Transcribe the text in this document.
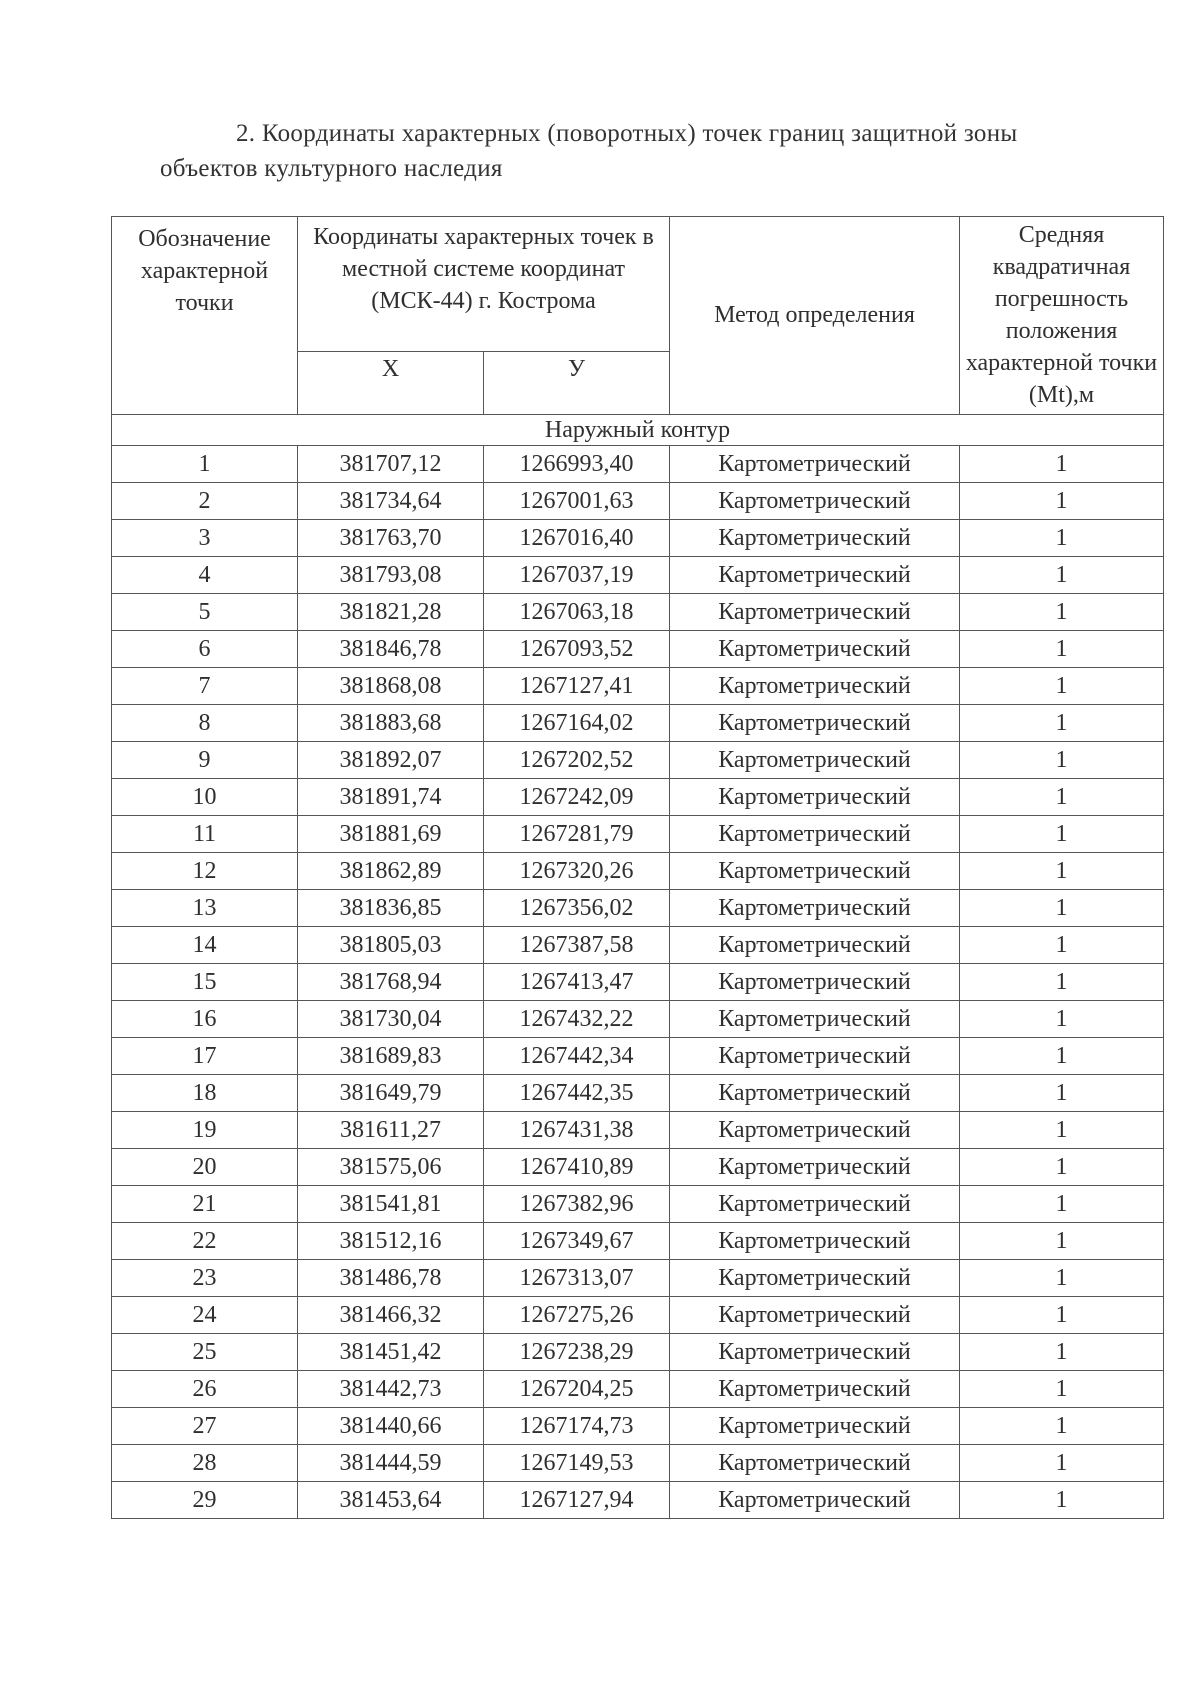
2. Координаты характерных (поворотных) точек границ защитной зоны
объектов культурного наследия
Обозначение характерной точки	Координаты характерных точек в местной системе координат (МСК-44) г. Кострома		Метод определения	Средняя квадратичная погрешность положения характерной точки (Mt),м
	Х	У		
Наружный контур				
1	381707,12	1266993,40	Картометрический	1
2	381734,64	1267001,63	Картометрический	1
3	381763,70	1267016,40	Картометрический	1
4	381793,08	1267037,19	Картометрический	1
5	381821,28	1267063,18	Картометрический	1
6	381846,78	1267093,52	Картометрический	1
7	381868,08	1267127,41	Картометрический	1
8	381883,68	1267164,02	Картометрический	1
9	381892,07	1267202,52	Картометрический	1
10	381891,74	1267242,09	Картометрический	1
11	381881,69	1267281,79	Картометрический	1
12	381862,89	1267320,26	Картометрический	1
13	381836,85	1267356,02	Картометрический	1
14	381805,03	1267387,58	Картометрический	1
15	381768,94	1267413,47	Картометрический	1
16	381730,04	1267432,22	Картометрический	1
17	381689,83	1267442,34	Картометрический	1
18	381649,79	1267442,35	Картометрический	1
19	381611,27	1267431,38	Картометрический	1
20	381575,06	1267410,89	Картометрический	1
21	381541,81	1267382,96	Картометрический	1
22	381512,16	1267349,67	Картометрический	1
23	381486,78	1267313,07	Картометрический	1
24	381466,32	1267275,26	Картометрический	1
25	381451,42	1267238,29	Картометрический	1
26	381442,73	1267204,25	Картометрический	1
27	381440,66	1267174,73	Картометрический	1
28	381444,59	1267149,53	Картометрический	1
29	381453,64	1267127,94	Картометрический	1
